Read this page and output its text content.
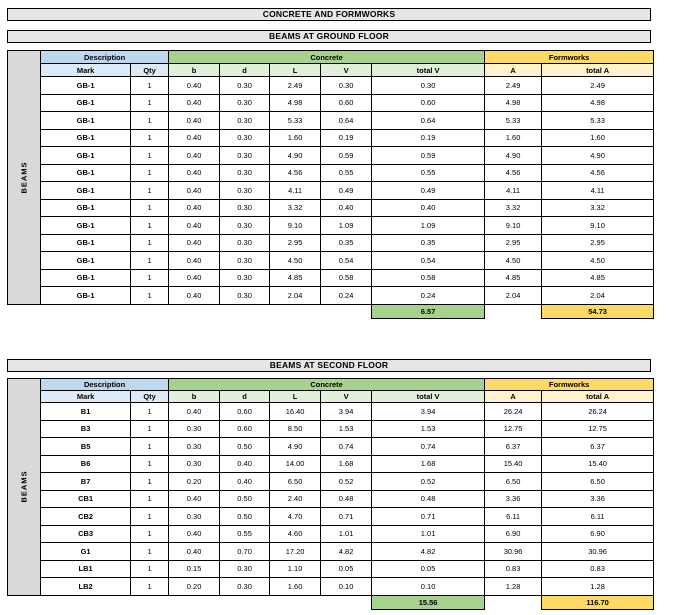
CONCRETE AND FORMWORKS
BEAMS AT GROUND FLOOR
BEAMS	Description		Concrete					Formworks	
	Mark	Qty	b	d	L	V	total V	A	total A
	GB-1	1	0.40	0.30	2.49	0.30	0.30	2.49	2.49
	GB-1	1	0.40	0.30	4.98	0.60	0.60	4.98	4.98
	GB-1	1	0.40	0.30	5.33	0.64	0.64	5.33	5.33
	GB-1	1	0.40	0.30	1.60	0.19	0.19	1.60	1.60
	GB-1	1	0.40	0.30	4.90	0.59	0.59	4.90	4.90
	GB-1	1	0.40	0.30	4.56	0.55	0.55	4.56	4.56
	GB-1	1	0.40	0.30	4.11	0.49	0.49	4.11	4.11
	GB-1	1	0.40	0.30	3.32	0.40	0.40	3.32	3.32
	GB-1	1	0.40	0.30	9.10	1.09	1.09	9.10	9.10
	GB-1	1	0.40	0.30	2.95	0.35	0.35	2.95	2.95
	GB-1	1	0.40	0.30	4.50	0.54	0.54	4.50	4.50
	GB-1	1	0.40	0.30	4.85	0.58	0.58	4.85	4.85
	GB-1	1	0.40	0.30	2.04	0.24	0.24	2.04	2.04
							6.57		54.73
BEAMS AT SECOND FLOOR
BEAMS	Description		Concrete					Formworks	
	Mark	Qty	b	d	L	V	total V	A	total A
	B1	1	0.40	0.60	16.40	3.94	3.94	26.24	26.24
	B3	1	0.30	0.60	8.50	1.53	1.53	12.75	12.75
	B5	1	0.30	0.50	4.90	0.74	0.74	6.37	6.37
	B6	1	0.30	0.40	14.00	1.68	1.68	15.40	15.40
	B7	1	0.20	0.40	6.50	0.52	0.52	6.50	6.50
	CB1	1	0.40	0.50	2.40	0.48	0.48	3.36	3.36
	CB2	1	0.30	0.50	4.70	0.71	0.71	6.11	6.11
	CB3	1	0.40	0.55	4.60	1.01	1.01	6.90	6.90
	G1	1	0.40	0.70	17.20	4.82	4.82	30.96	30.96
	LB1	1	0.15	0.30	1.10	0.05	0.05	0.83	0.83
	LB2	1	0.20	0.30	1.60	0.10	0.10	1.28	1.28
							15.56		116.70
